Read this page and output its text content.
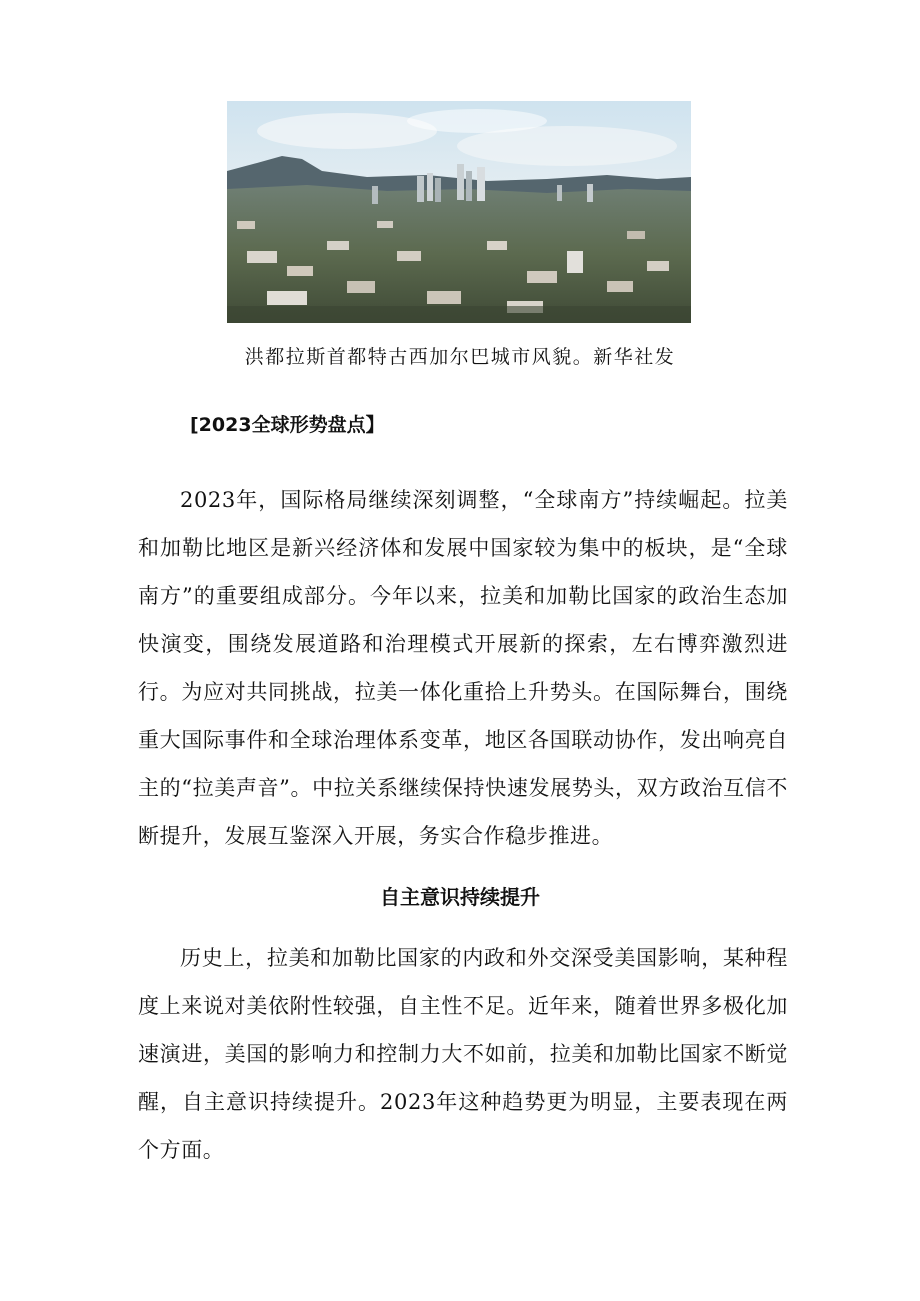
洪都拉斯首都特古西加尔巴城市风貌。新华社发
[2023全球形势盘点】

2023年，国际格局继续深刻调整，“全球南方”持续崛起。拉美和加勒比地区是新兴经济体和发展中国家较为集中的板块，是“全球南方”的重要组成部分。今年以来，拉美和加勒比国家的政治生态加快演变，围绕发展道路和治理模式开展新的探索，左右博弈激烈进行。为应对共同挑战，拉美一体化重拾上升势头。在国际舞台，围绕重大国际事件和全球治理体系变革，地区各国联动协作，发出响亮自主的“拉美声音”。中拉关系继续保持快速发展势头，双方政治互信不断提升，发展互鉴深入开展，务实合作稳步推进。

自主意识持续提升

历史上，拉美和加勒比国家的内政和外交深受美国影响，某种程度上来说对美依附性较强，自主性不足。近年来，随着世界多极化加速演进，美国的影响力和控制力大不如前，拉美和加勒比国家不断觉醒，自主意识持续提升。2023年这种趋势更为明显，主要表现在两个方面。
